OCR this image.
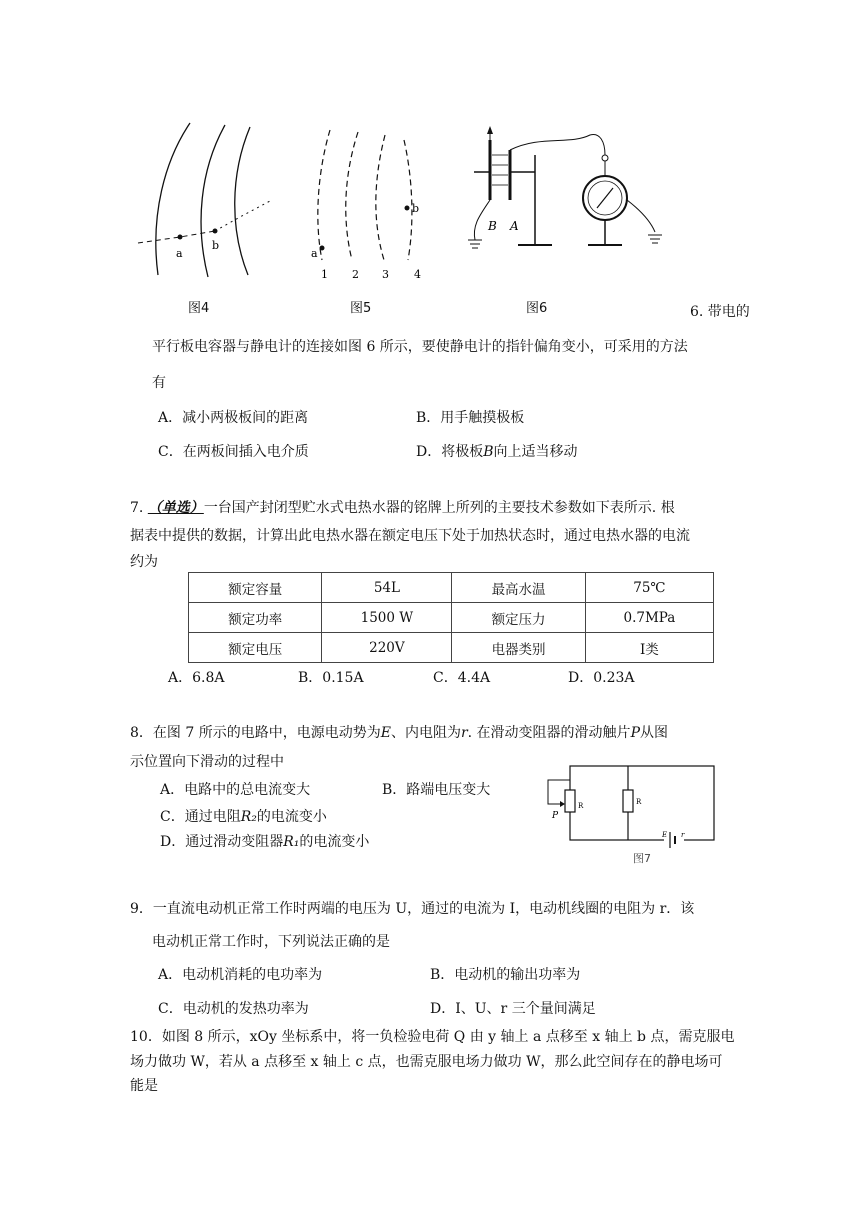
a
b
图4
a
b
1 2 3 4
图5
B A
图6	6. 带电的
平行板电容器与静电计的连接如图 6 所示，要使静电计的指针偏角变小，可采用的方法
有
A．减小两极板间的距离	B．用手触摸极板
C．在两板间插入电介质	D．将极板B向上适当移动
7. （单选）一台国产封闭型贮水式电热水器的铭牌上所列的主要技术参数如下表所示. 根
据表中提供的数据，计算出此电热水器在额定电压下处于加热状态时，通过电热水器的电流
约为
额定容量	54L	最高水温	75℃
额定功率	1500 W	额定压力	0.7MPa
额定电压	220V	电器类别	Ⅰ类
A．6.8A	B．0.15A	C．4.4A	D．0.23A
8．在图 7 所示的电路中，电源电动势为E、内电阻为r. 在滑动变阻器的滑动触片P从图
示位置向下滑动的过程中
A．电路中的总电流变大	B．路端电压变大
C．通过电阻R₂的电流变小
D．通过滑动变阻器R₁的电流变小
P
R	R
E r
图7
9．一直流电动机正常工作时两端的电压为 U，通过的电流为 I，电动机线圈的电阻为 r．该
电动机正常工作时，下列说法正确的是
A．电动机消耗的电功率为	B．电动机的输出功率为
C．电动机的发热功率为	D．I、U、r 三个量间满足
10．如图 8 所示，xOy 坐标系中，将一负检验电荷 Q 由 y 轴上 a 点移至 x 轴上 b 点，需克服电
场力做功 W，若从 a 点移至 x 轴上 c 点，也需克服电场力做功 W，那么此空间存在的静电场可
能是
